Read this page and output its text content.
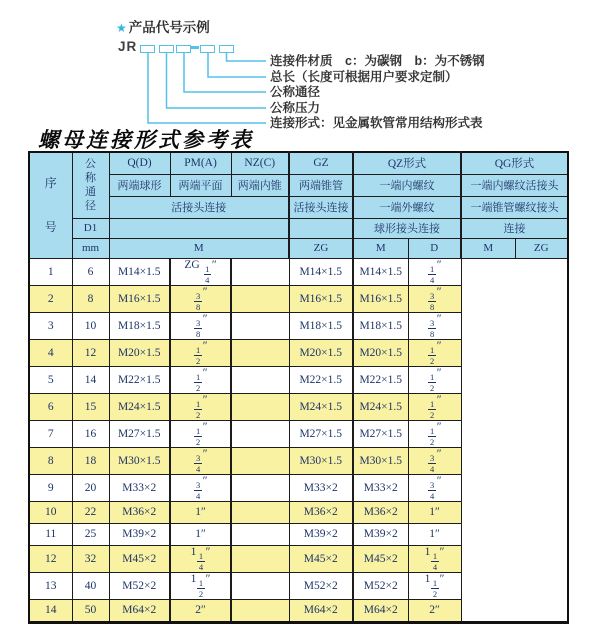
★ 产品代号示例
JR
连接件材质　c：为碳钢　b：为不锈钢
总长（长度可根据用户要求定制）
公称通径
公称压力
连接形式：见金属软管常用结构形式表
螺母连接形式参考表
序号	公称通径	Q(D)	PM(A)	NZ(C)	GZ	QZ形式		QG形式	
		两端球形	两端平面	两端内锥	两端锥管	一端内螺纹		一端内螺纹活接头	
		活接头连接			活接头连接	一端外螺纹		一端锥管螺纹接头	
	D1					球形接头连接		连接	
	mm	M			ZG	M	D	M	ZG
1	6	M14×1.5	ZG $\frac{1}{4}$ ″		M14×1.5	M14×1.5	$\frac{1}{4}$ ″		
2	8	M16×1.5	$\frac{3}{8}$ ″		M16×1.5	M16×1.5	$\frac{3}{8}$ ″		
3	10	M18×1.5	$\frac{3}{8}$ ″		M18×1.5	M18×1.5	$\frac{3}{8}$ ″		
4	12	M20×1.5	$\frac{1}{2}$ ″		M20×1.5	M20×1.5	$\frac{1}{2}$ ″		
5	14	M22×1.5	$\frac{1}{2}$ ″		M22×1.5	M22×1.5	$\frac{1}{2}$ ″		
6	15	M24×1.5	$\frac{1}{2}$ ″		M24×1.5	M24×1.5	$\frac{1}{2}$ ″		
7	16	M27×1.5	$\frac{1}{2}$ ″		M27×1.5	M27×1.5	$\frac{1}{2}$ ″		
8	18	M30×1.5	$\frac{3}{4}$ ″		M30×1.5	M30×1.5	$\frac{3}{4}$ ″		
9	20	M33×2	$\frac{3}{4}$ ″		M33×2	M33×2	$\frac{3}{4}$ ″		
10	22	M36×2	1″		M36×2	M36×2	1″		
11	25	M39×2	1″		M39×2	M39×2	1″		
12	32	M45×2	$1 \frac{1}{4}$ ″		M45×2	M45×2	$1 \frac{1}{4}$ ″		
13	40	M52×2	$1 \frac{1}{2}$ ″		M52×2	M52×2	$1 \frac{1}{2}$ ″		
14	50	M64×2	2″		M64×2	M64×2	2″		
